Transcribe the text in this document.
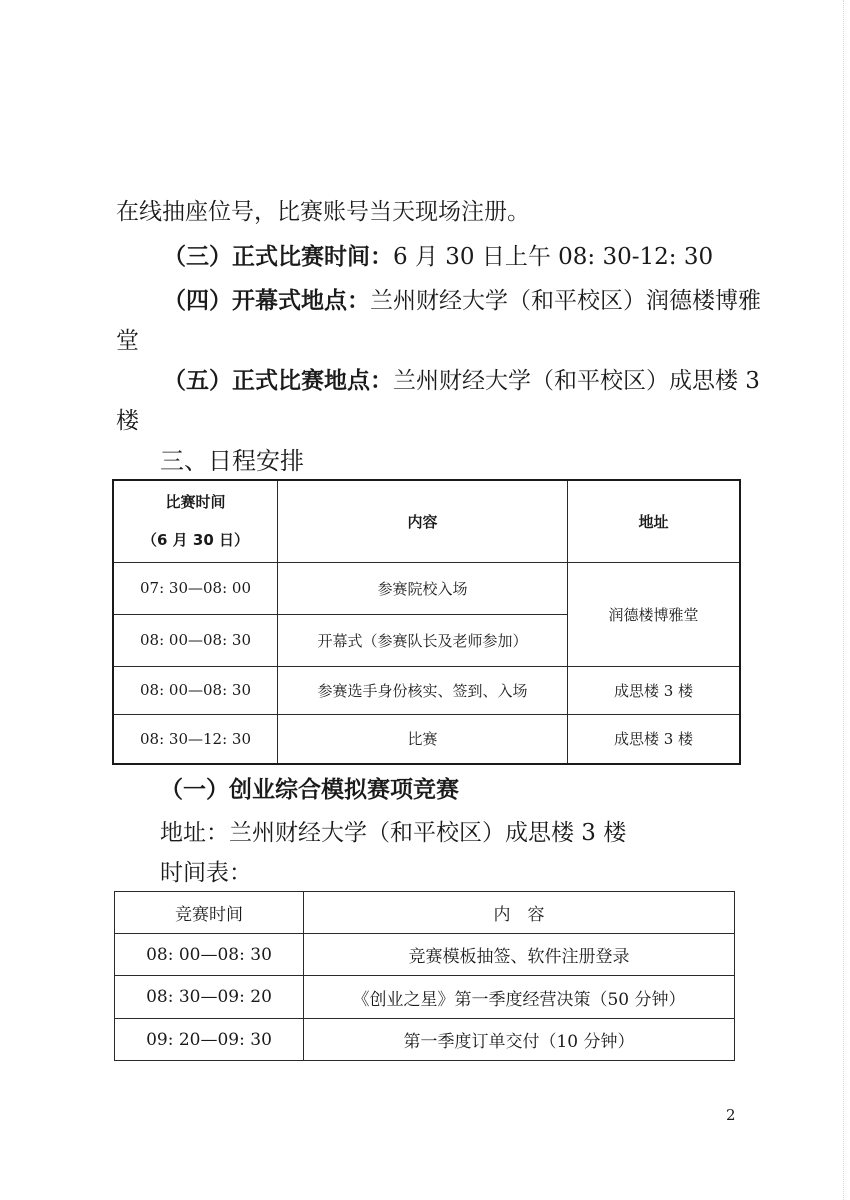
在线抽座位号，比赛账号当天现场注册。
（三）正式比赛时间：6 月 30 日上午 08: 30-12: 30
（四）开幕式地点：兰州财经大学（和平校区）润德楼博雅
堂
（五）正式比赛地点：兰州财经大学（和平校区）成思楼 3
楼
三、日程安排
比赛时间
（6 月 30 日）	内容	地址
07: 30—08: 00	参赛院校入场	润德楼博雅堂
08: 00—08: 30	开幕式（参赛队长及老师参加）	
08: 00—08: 30	参赛选手身份核实、签到、入场	成思楼 3 楼
08: 30—12: 30	比赛	成思楼 3 楼
（一）创业综合模拟赛项竞赛
地址：兰州财经大学（和平校区）成思楼 3 楼
时间表：
竞赛时间	内　容
08: 00—08: 30	竞赛模板抽签、软件注册登录
08: 30—09: 20	《创业之星》第一季度经营决策（50 分钟）
09: 20—09: 30	第一季度订单交付（10 分钟）
2
